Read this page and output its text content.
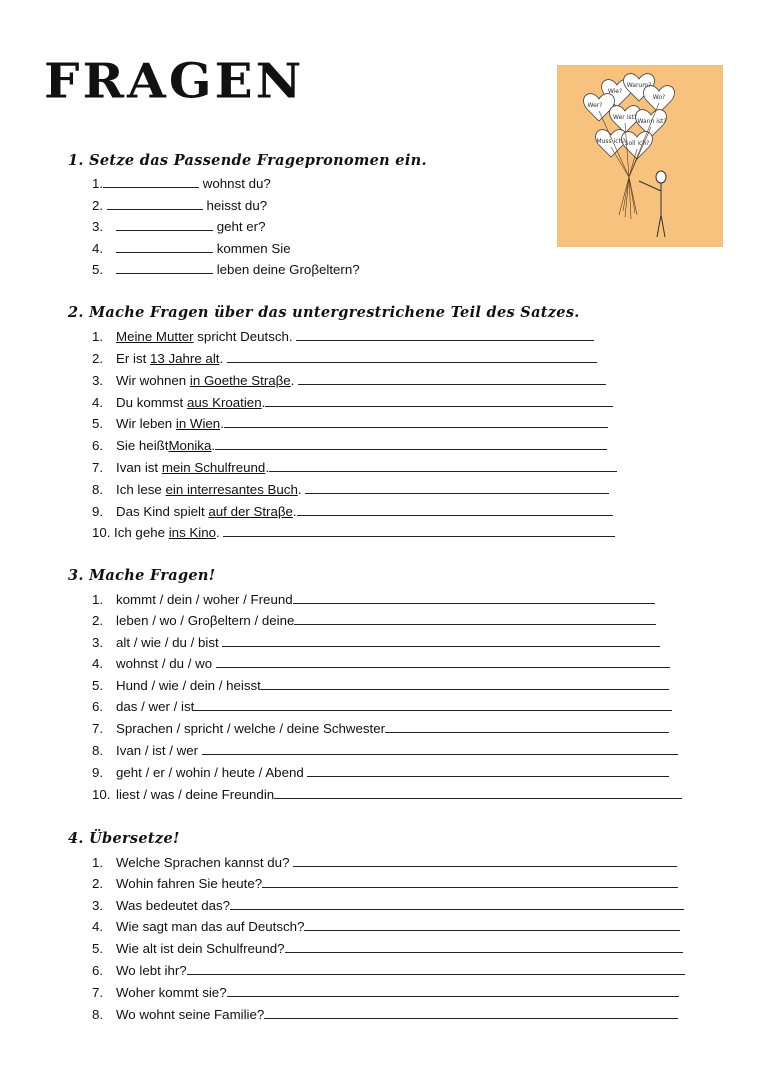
FRAGEN	Wer?
Wie?
Warum?
Wo?
Wer ist?
Wann ist?
Muss ich? Soll ich?
1. Setze das Passende Fragepronomen ein.
1.	wohnst du?
2.	heisst du?
3.	geht er?
4.	kommen Sie
5.	leben deine Groβeltern?
2. Mache Fragen über das untergrestrichene Teil des Satzes.
1. Meine Mutter spricht Deutsch.
2. Er ist 13 Jahre alt.
3. Wir wohnen in Goethe Straβe.
4. Du kommst aus Kroatien.
5. Wir leben in Wien.
6. Sie heißtMonika.
7. Ivan ist mein Schulfreund.
8. Ich lese ein interresantes Buch.
9. Das Kind spielt auf der Straβe.
10. Ich gehe ins Kino.
3. Mache Fragen!
1. kommt / dein / woher / Freund
2. leben / wo / Groβeltern / deine
3. alt / wie / du / bist
4. wohnst / du / wo
5. Hund / wie / dein / heisst
6. das / wer / ist
7. Sprachen / spricht / welche / deine Schwester
8. Ivan / ist / wer
9. geht / er / wohin / heute / Abend
10. liest / was / deine Freundin
4. Übersetze!
1. Welche Sprachen kannst du?
2. Wohin fahren Sie heute?
3. Was bedeutet das?
4. Wie sagt man das auf Deutsch?
5. Wie alt ist dein Schulfreund?
6. Wo lebt ihr?
7. Woher kommt sie?
8. Wo wohnt seine Familie?
